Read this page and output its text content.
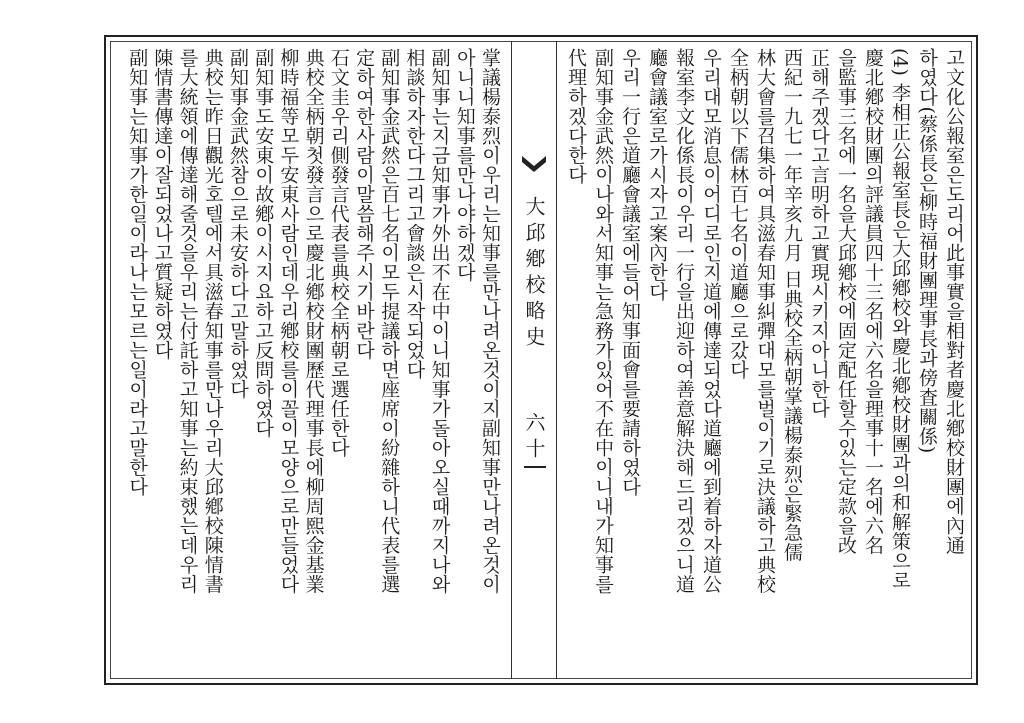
고文化公報室은도리어此事實을相對者慶北鄕校財團에內通
하였다(蔡係長은柳時福財團理事長과傍査關係)
(4) 李相正公報室長은大邱鄕校와慶北鄕校財團과의和解策으로
慶北鄕校財團의評議員四十三名에六名을理事十一名에六名
을監事三名에一名을大邱鄕校에固定配任할수있는定款을改
正해주겠다고言明하고實現시키지아니한다
西紀一九七一年辛亥九月 日典校全柄朝掌議楊泰烈은緊急儒
林大會를召集하여具滋春知事糾彈대모를벌이기로決議하고典校
全柄朝以下儒林百七名이道廳으로갔다
우리대모消息이어디로인지道에傳達되었다道廳에到着하자道公
報室李文化係長이우리一行을出迎하여善意解決해드리겠으니道
廳會議室로가시자고案內한다
우리一行은道廳會議室에들어知事面會를要請하였다
副知事金武然이나와서知事는急務가있어不在中이니내가知事를
代理하겠다한다
大邱鄕校略史
六十
掌議楊泰烈이우리는知事를만나려온것이지副知事만나려온것이
아니니知事를만나야하겠다
副知事는지금知事가外出不在中이니知事가돌아오실때까지나와
相談하자한다그리고會談은시작되었다
副知事金武然은百七名이모두提議하면座席이紛雜하니代表를選
定하여한사람이말씀해주시기바란다
石文圭우리側發言代表를典校全柄朝로選任한다
典校全柄朝첫發言으로慶北鄕校財團歷代理事長에柳周熙金基業
柳時福等모두安東사람인데우리鄕校를이꼴이모양으로만들었다
副知事도安東이故鄕이시지요하고反問하였다
副知事金武然참으로未安하다고말하였다
典校는昨日觀光호텔에서具滋春知事를만나우리大邱鄕校陳情書
를大統領에傳達해줄것을우리는付託하고知事는約束했는데우리
陳情書傳達이잘되었나고質疑하였다
副知事는知事가한일이라나는모르는일이라고말한다
